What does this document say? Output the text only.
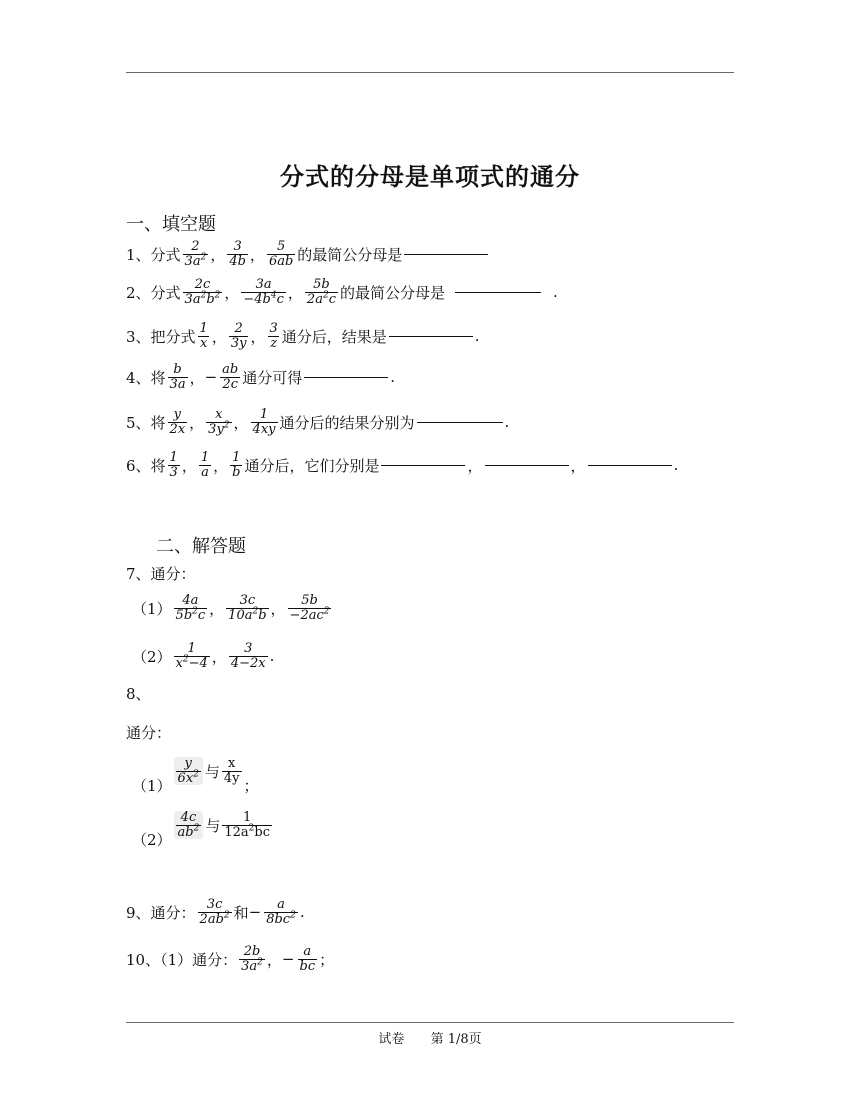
分式的分母是单项式的通分
一、填空题
1、分式 $\frac{2}{3a^2}$ ， $\frac{3}{4b}$ ， $\frac{5}{6ab}$ 的最简公分母是
2、分式 $\frac{2c}{3a^2b^2}$ ， $\frac{3a}{-4b^4c}$ ， $\frac{5b}{2a^2c}$ 的最简公分母是	.
3、把分式 $\frac{1}{x}$ ， $\frac{2}{3y}$ ， $\frac{3}{z}$ 通分后，结果是	.
4、将 $\frac{b}{3a}$ ， − $\frac{ab}{2c}$ 通分可得	.
5、将 $\frac{y}{2x}$ ， $\frac{x}{3y^2}$ ， $\frac{1}{4xy}$ 通分后的结果分别为	.
6、将 $\frac{1}{3}$ ， $\frac{1}{a}$ ， $\frac{1}{b}$ 通分后，它们分别是	，	，	.
二、解答题
7、通分：
$(1) \frac{4a}{5b^2c}$ ， $\frac{3c}{10a^2b}$ ， $\frac{5b}{-2ac^2}$
$(2) \frac{1}{x^2-4}$ ， $\frac{3}{4-2x}$ .
8、
通分：
（1）
$\frac{y}{6x^2}$ 与 $\frac{x}{4y}$
；
（2）
$\frac{4c}{ab^2}$ 与 $\frac{1}{12a^2bc}$
9、通分： $\frac{3c}{2ab^2}$ 和 − $\frac{a}{8bc^2}$ .
10、（1）通分： $\frac{2b}{3a^2}$ ， − $\frac{a}{bc}$ ；
试卷 第 1/8页
